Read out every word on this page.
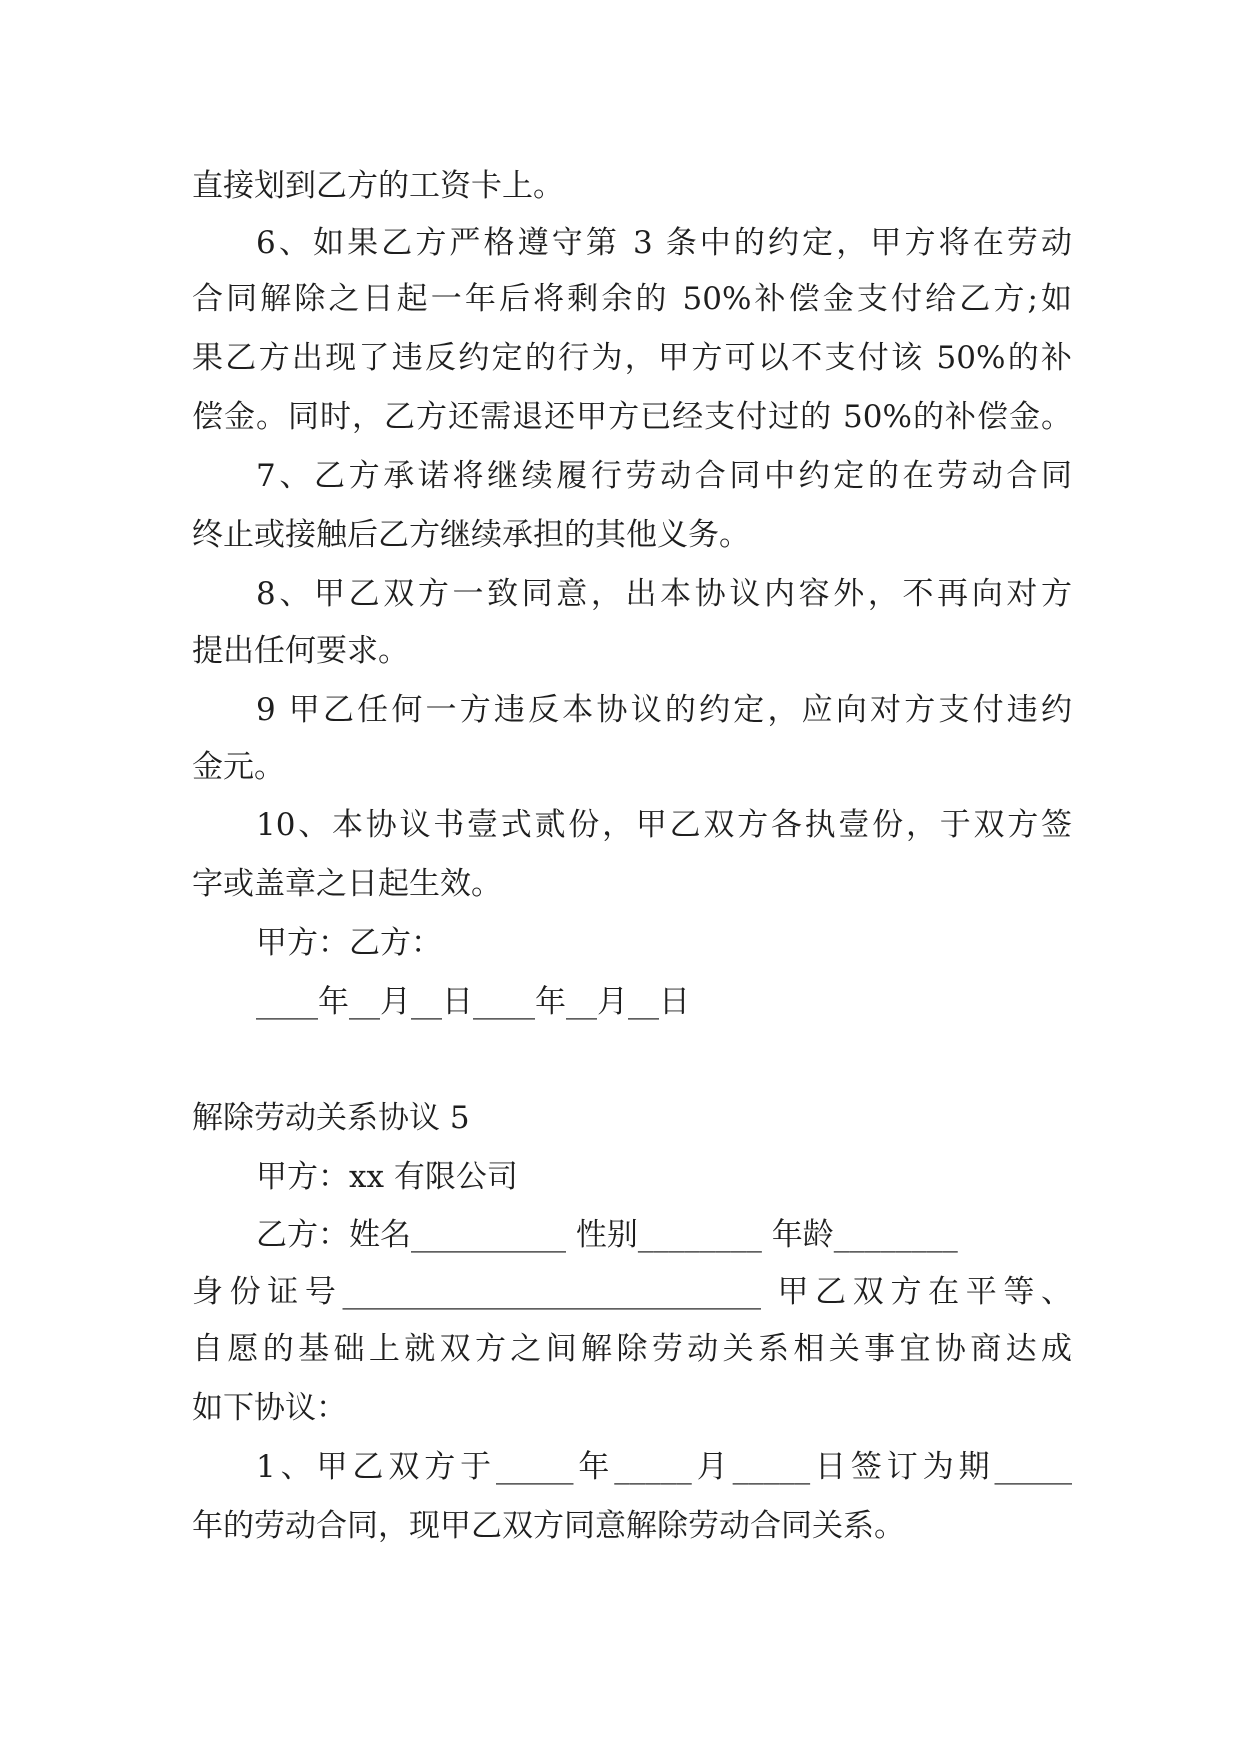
直接划到乙方的工资卡上。
6、如果乙方严格遵守第 3 条中的约定，甲方将在劳动
合同解除之日起一年后将剩余的 50%补偿金支付给乙方;如
果乙方出现了违反约定的行为，甲方可以不支付该 50%的补
偿金。同时，乙方还需退还甲方已经支付过的 50%的补偿金。
7、乙方承诺将继续履行劳动合同中约定的在劳动合同
终止或接触后乙方继续承担的其他义务。
8、甲乙双方一致同意，出本协议内容外，不再向对方
提出任何要求。
9 甲乙任何一方违反本协议的约定，应向对方支付违约
金元。
10、本协议书壹式贰份，甲乙双方各执壹份，于双方签
字或盖章之日起生效。
甲方：乙方：
____年__月__日____年__月__日
解除劳动关系协议 5
甲方：xx 有限公司
乙方：姓名__________ 性别________ 年龄________
身份证号___________________________ 甲乙双方在平等、
自愿的基础上就双方之间解除劳动关系相关事宜协商达成
如下协议：
1、甲乙双方于_____年_____月_____日签订为期_____
年的劳动合同，现甲乙双方同意解除劳动合同关系。
